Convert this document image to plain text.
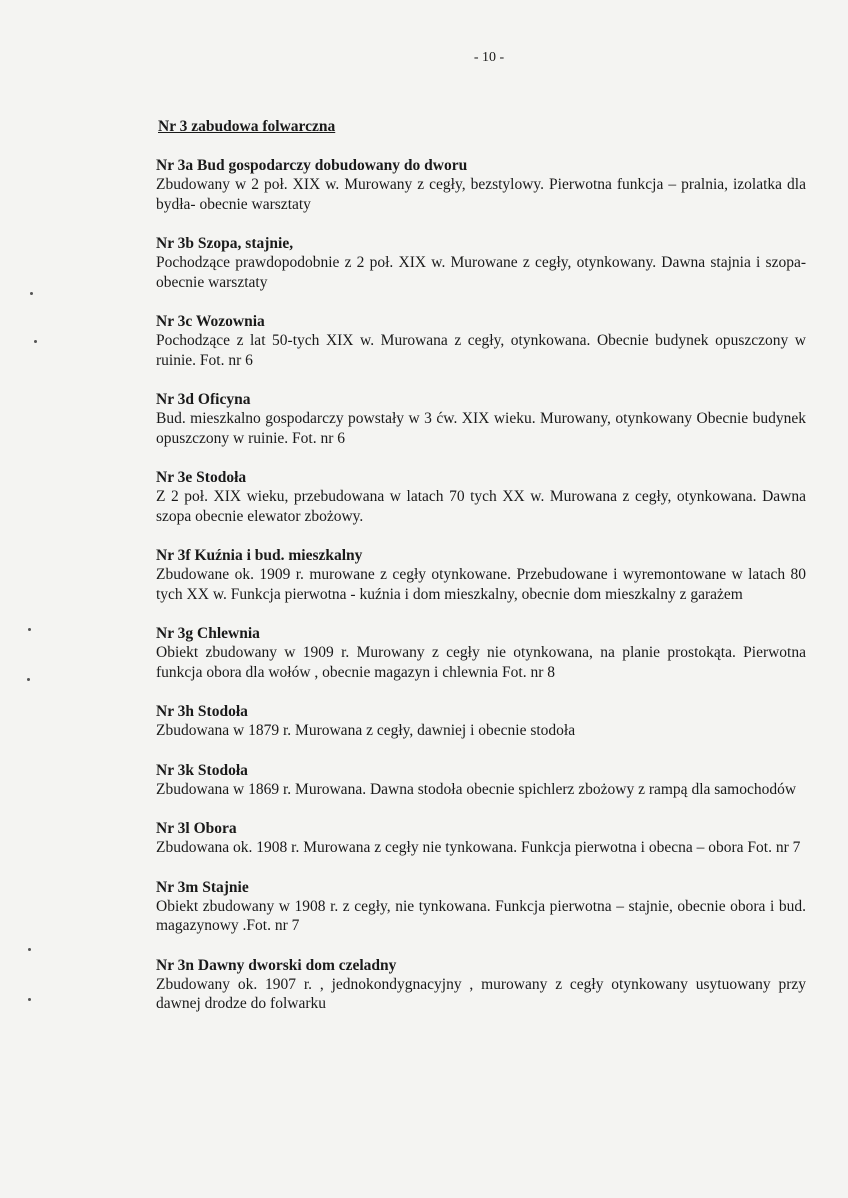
- 10 -
Nr 3 zabudowa folwarczna
Nr 3a Bud gospodarczy dobudowany do dworu
Zbudowany w 2 poł. XIX w. Murowany z cegły, bezstylowy. Pierwotna funkcja – pralnia, izolatka dla bydła- obecnie warsztaty
Nr 3b Szopa, stajnie,
Pochodzące prawdopodobnie z 2 poł. XIX w. Murowane z cegły, otynkowany. Dawna stajnia i szopa- obecnie warsztaty
Nr 3c Wozownia
Pochodzące z lat 50-tych XIX w. Murowana z cegły, otynkowana. Obecnie budynek opuszczony w ruinie. Fot. nr 6
Nr 3d Oficyna
Bud. mieszkalno gospodarczy powstały w 3 ćw. XIX wieku. Murowany, otynkowany Obecnie budynek opuszczony w ruinie. Fot. nr 6
Nr 3e Stodoła
Z 2 poł. XIX wieku, przebudowana w latach 70 tych XX w. Murowana z cegły, otynkowana. Dawna szopa obecnie elewator zbożowy.
Nr 3f Kuźnia i bud. mieszkalny
Zbudowane ok. 1909 r. murowane z cegły otynkowane. Przebudowane i wyremontowane w latach 80 tych XX w. Funkcja pierwotna - kuźnia i dom mieszkalny, obecnie dom mieszkalny z garażem
Nr 3g Chlewnia
Obiekt zbudowany w 1909 r. Murowany z cegły nie otynkowana, na planie prostokąta. Pierwotna funkcja obora dla wołów , obecnie magazyn i chlewnia Fot. nr 8
Nr 3h Stodoła
Zbudowana w 1879 r. Murowana z cegły, dawniej i obecnie stodoła
Nr 3k Stodoła
Zbudowana w 1869 r. Murowana. Dawna stodoła obecnie spichlerz zbożowy z rampą dla samochodów
Nr 3l Obora
Zbudowana ok. 1908 r. Murowana z cegły nie tynkowana. Funkcja pierwotna i obecna – obora Fot. nr 7
Nr 3m Stajnie
Obiekt zbudowany w 1908 r. z cegły, nie tynkowana. Funkcja pierwotna – stajnie, obecnie obora i bud. magazynowy .Fot. nr 7
Nr 3n Dawny dworski dom czeladny
Zbudowany ok. 1907 r. , jednokondygnacyjny , murowany z cegły otynkowany usytuowany przy dawnej drodze do folwarku
